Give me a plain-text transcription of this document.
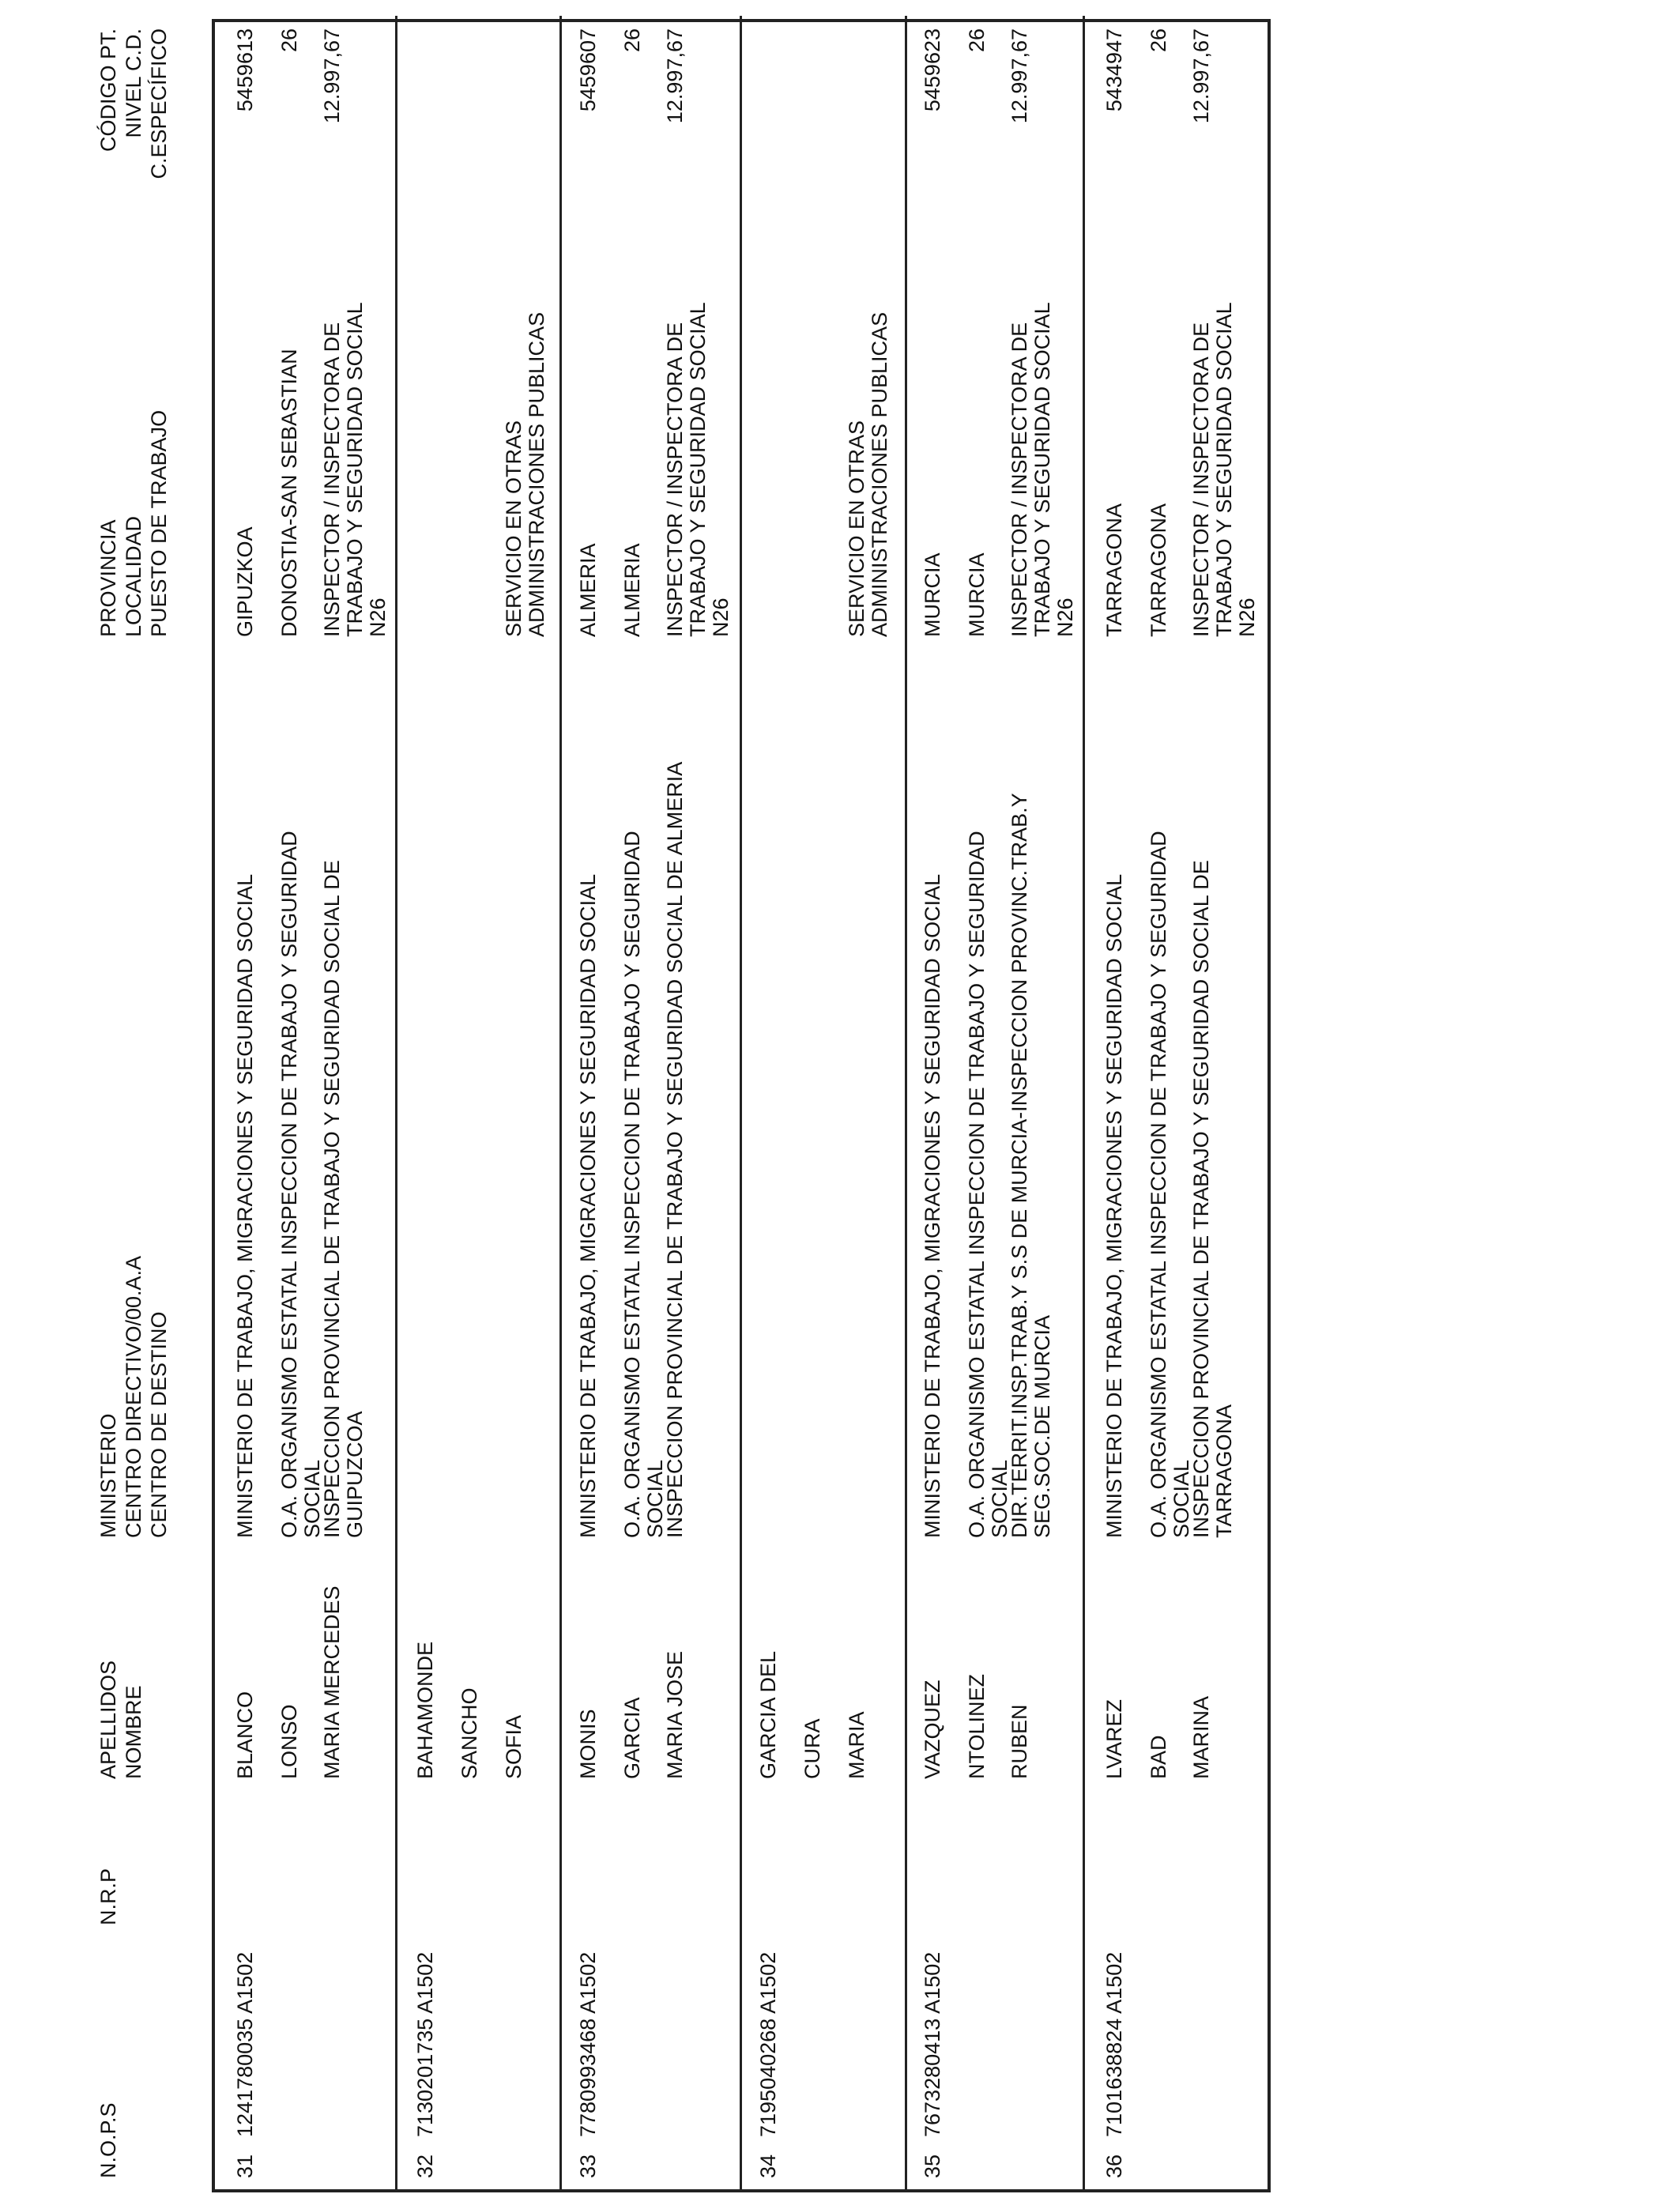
N.O.P.S
N.R.P
APELLIDOS NOMBRE
MINISTERIO CENTRO DIRECTIVO/00.A.A CENTRO DE DESTINO
PROVINCIA LOCALIDAD PUESTO DE TRABAJO
CÓDIGO PT. NIVEL C.D. C.ESPECÍFICO
31
1241780035 A1502
BLANCO LONSO MARIA MERCEDES
MINISTERIO DE TRABAJO, MIGRACIONES Y SEGURIDAD SOCIAL O.A. ORGANISMO ESTATAL INSPECCION DE TRABAJO Y SEGURIDAD
SOCIAL
INSPECCION PROVINCIAL DE TRABAJO Y SEGURIDAD SOCIAL DE
GUIPUZCOA
GIPUZKOA DONOSTIA-SAN SEBASTIAN INSPECTOR / INSPECTORA DE
TRABAJO Y SEGURIDAD SOCIAL
N26
5459613 26 12.997,67
32
7130201735 A1502
BAHAMONDE SANCHO SOFIA
SERVICIO EN OTRAS
ADMINISTRACIONES PUBLICAS
33
7780993468 A1502
MONIS GARCIA MARIA JOSE
MINISTERIO DE TRABAJO, MIGRACIONES Y SEGURIDAD SOCIAL O.A. ORGANISMO ESTATAL INSPECCION DE TRABAJO Y SEGURIDAD
SOCIAL
INSPECCION PROVINCIAL DE TRABAJO Y SEGURIDAD SOCIAL DE ALMERIA
ALMERIA ALMERIA INSPECTOR / INSPECTORA DE
TRABAJO Y SEGURIDAD SOCIAL
N26
5459607 26 12.997,67
34
7195040268 A1502
GARCIA DEL CURA MARIA
SERVICIO EN OTRAS
ADMINISTRACIONES PUBLICAS
35
7673280413 A1502
VAZQUEZ NTOLINEZ RUBEN
MINISTERIO DE TRABAJO, MIGRACIONES Y SEGURIDAD SOCIAL O.A. ORGANISMO ESTATAL INSPECCION DE TRABAJO Y SEGURIDAD
SOCIAL
DIR.TERRIT.INSP.TRAB.Y S.S DE MURCIA-INSPECCION PROVINC.TRAB.Y
SEG.SOC.DE MURCIA
MURCIA MURCIA INSPECTOR / INSPECTORA DE
TRABAJO Y SEGURIDAD SOCIAL
N26
5459623 26 12.997,67
36
7101638824 A1502
LVAREZ BAD MARINA
MINISTERIO DE TRABAJO, MIGRACIONES Y SEGURIDAD SOCIAL O.A. ORGANISMO ESTATAL INSPECCION DE TRABAJO Y SEGURIDAD
SOCIAL
INSPECCION PROVINCIAL DE TRABAJO Y SEGURIDAD SOCIAL DE
TARRAGONA
TARRAGONA TARRAGONA INSPECTOR / INSPECTORA DE
TRABAJO Y SEGURIDAD SOCIAL
N26
5434947 26 12.997,67
